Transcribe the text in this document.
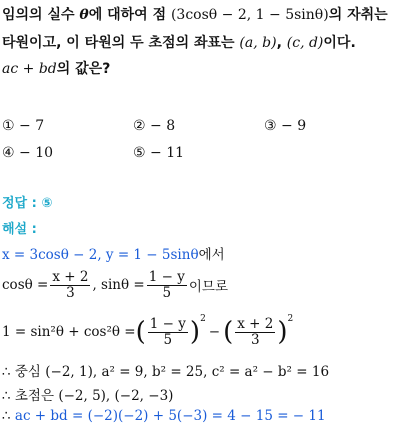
임의의 실수 θ에 대하여 점 (3cosθ − 2, 1 − 5sinθ)의 자취는
타원이고, 이 타원의 두 초점의 좌표는 (a, b), (c, d)이다.
ac + bd의 값은?
① − 7	② − 8	③ − 9
④ − 10	⑤ − 11
정답 : ⑤
해설 :
x = 3cosθ − 2, y = 1 − 5sinθ에서
$\cos\theta = \frac{x + 2}{3}$ , $\sin\theta = \frac{1 - y}{5}$ 이므로
1 = sin²θ + cos²θ = ( $\frac{1 - y}{5} )^2$
− ( $\frac{x + 2}{3} )^2$
∴ 중심 (−2, 1), a² = 9, b² = 25, c² = a² − b² = 16
∴ 초점은 (−2, 5), (−2, −3)
∴ ac + bd = (−2)(−2) + 5(−3) = 4 − 15 = − 11
